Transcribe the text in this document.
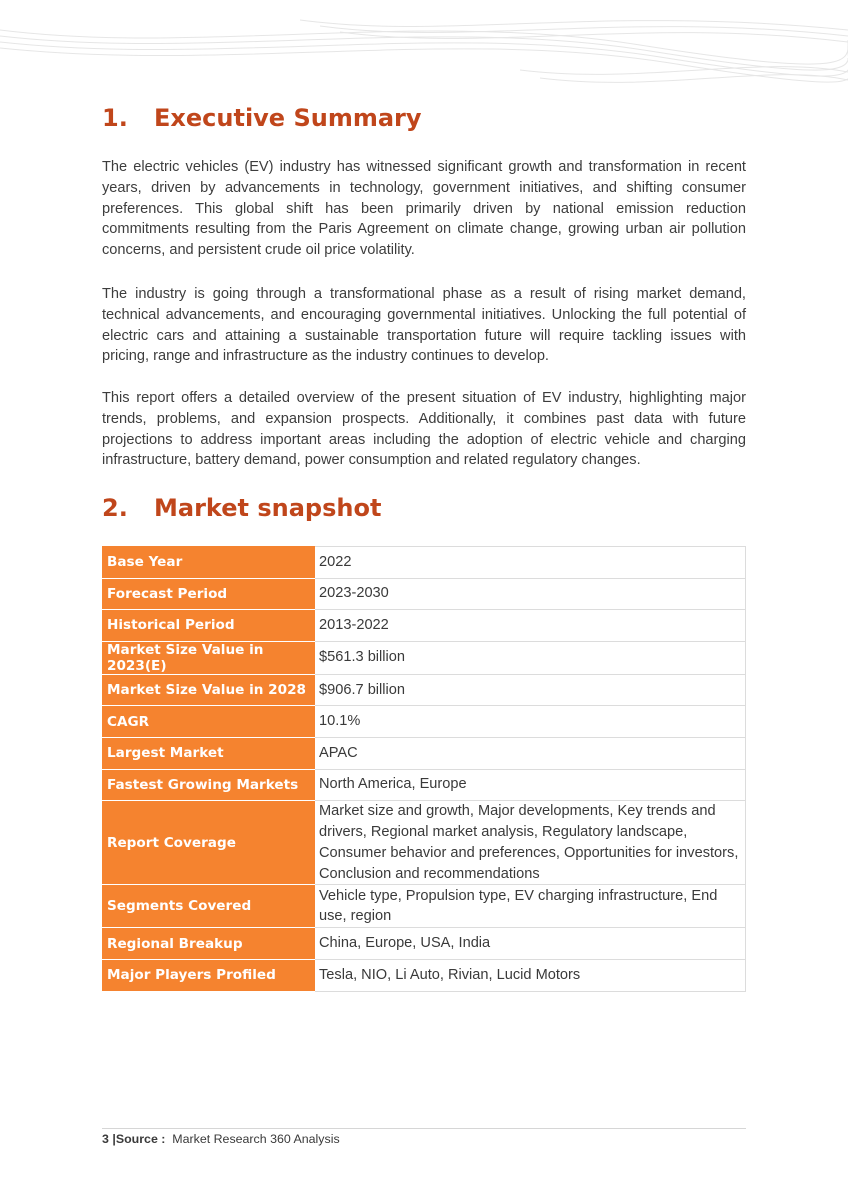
1. Executive Summary

The electric vehicles (EV) industry has witnessed significant growth and transformation in recent years, driven by advancements in technology, government initiatives, and shifting consumer preferences. This global shift has been primarily driven by national emission reduction commitments resulting from the Paris Agreement on climate change, growing urban air pollution concerns, and persistent crude oil price volatility.

The industry is going through a transformational phase as a result of rising market demand, technical advancements, and encouraging governmental initiatives. Unlocking the full potential of electric cars and attaining a sustainable transportation future will require tackling issues with pricing, range and infrastructure as the industry continues to develop.

This report offers a detailed overview of the present situation of EV industry, highlighting major trends, problems, and expansion prospects. Additionally, it combines past data with future projections to address important areas including the adoption of electric vehicle and charging infrastructure, battery demand, power consumption and related regulatory changes.

2. Market snapshot
Base Year	2022
Forecast Period	2023-2030
Historical Period	2013-2022
Market Size Value in 2023(E)	$561.3 billion
Market Size Value in 2028	$906.7 billion
CAGR	10.1%
Largest Market	APAC
Fastest Growing Markets	North America, Europe
Report Coverage	Market size and growth, Major developments, Key trends and drivers, Regional market analysis, Regulatory landscape, Consumer behavior and preferences, Opportunities for investors, Conclusion and recommendations
Segments Covered	Vehicle type, Propulsion type, EV charging infrastructure, End use, region
Regional Breakup	China, Europe, USA, India
Major Players Profiled	Tesla, NIO, Li Auto, Rivian, Lucid Motors
3 |Source : Market Research 360 Analysis
